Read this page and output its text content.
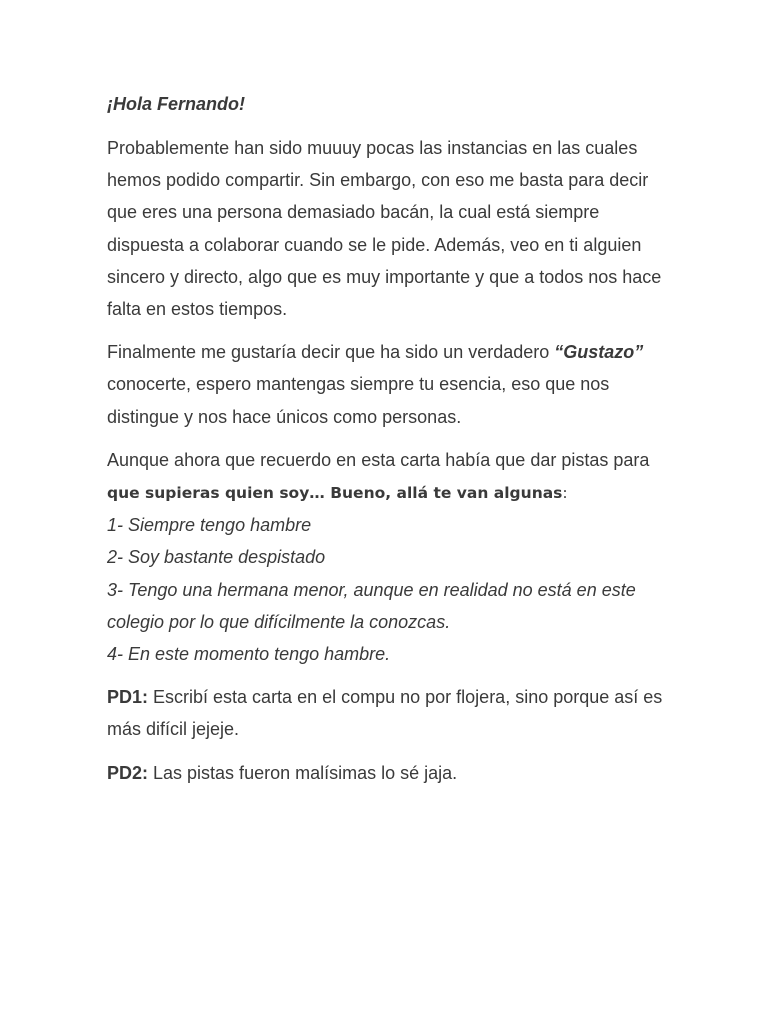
¡Hola Fernando!

Probablemente han sido muuuy pocas las instancias en las cuales hemos podido compartir. Sin embargo, con eso me basta para decir que eres una persona demasiado bacán, la cual está siempre dispuesta a colaborar cuando se le pide. Además, veo en ti alguien sincero y directo, algo que es muy importante y que a todos nos hace falta en estos tiempos.

Finalmente me gustaría decir que ha sido un verdadero “Gustazo” conocerte, espero mantengas siempre tu esencia, eso que nos distingue y nos hace únicos como personas.

Aunque ahora que recuerdo en esta carta había que dar pistas para
que supieras quien soy… Bueno, allá te van algunas:

1- Siempre tengo hambre
2- Soy bastante despistado
3- Tengo una hermana menor, aunque en realidad no está en este colegio por lo que difícilmente la conozcas.
4- En este momento tengo hambre.

PD1: Escribí esta carta en el compu no por flojera, sino porque así es más difícil jejeje.

PD2: Las pistas fueron malísimas lo sé jaja.
